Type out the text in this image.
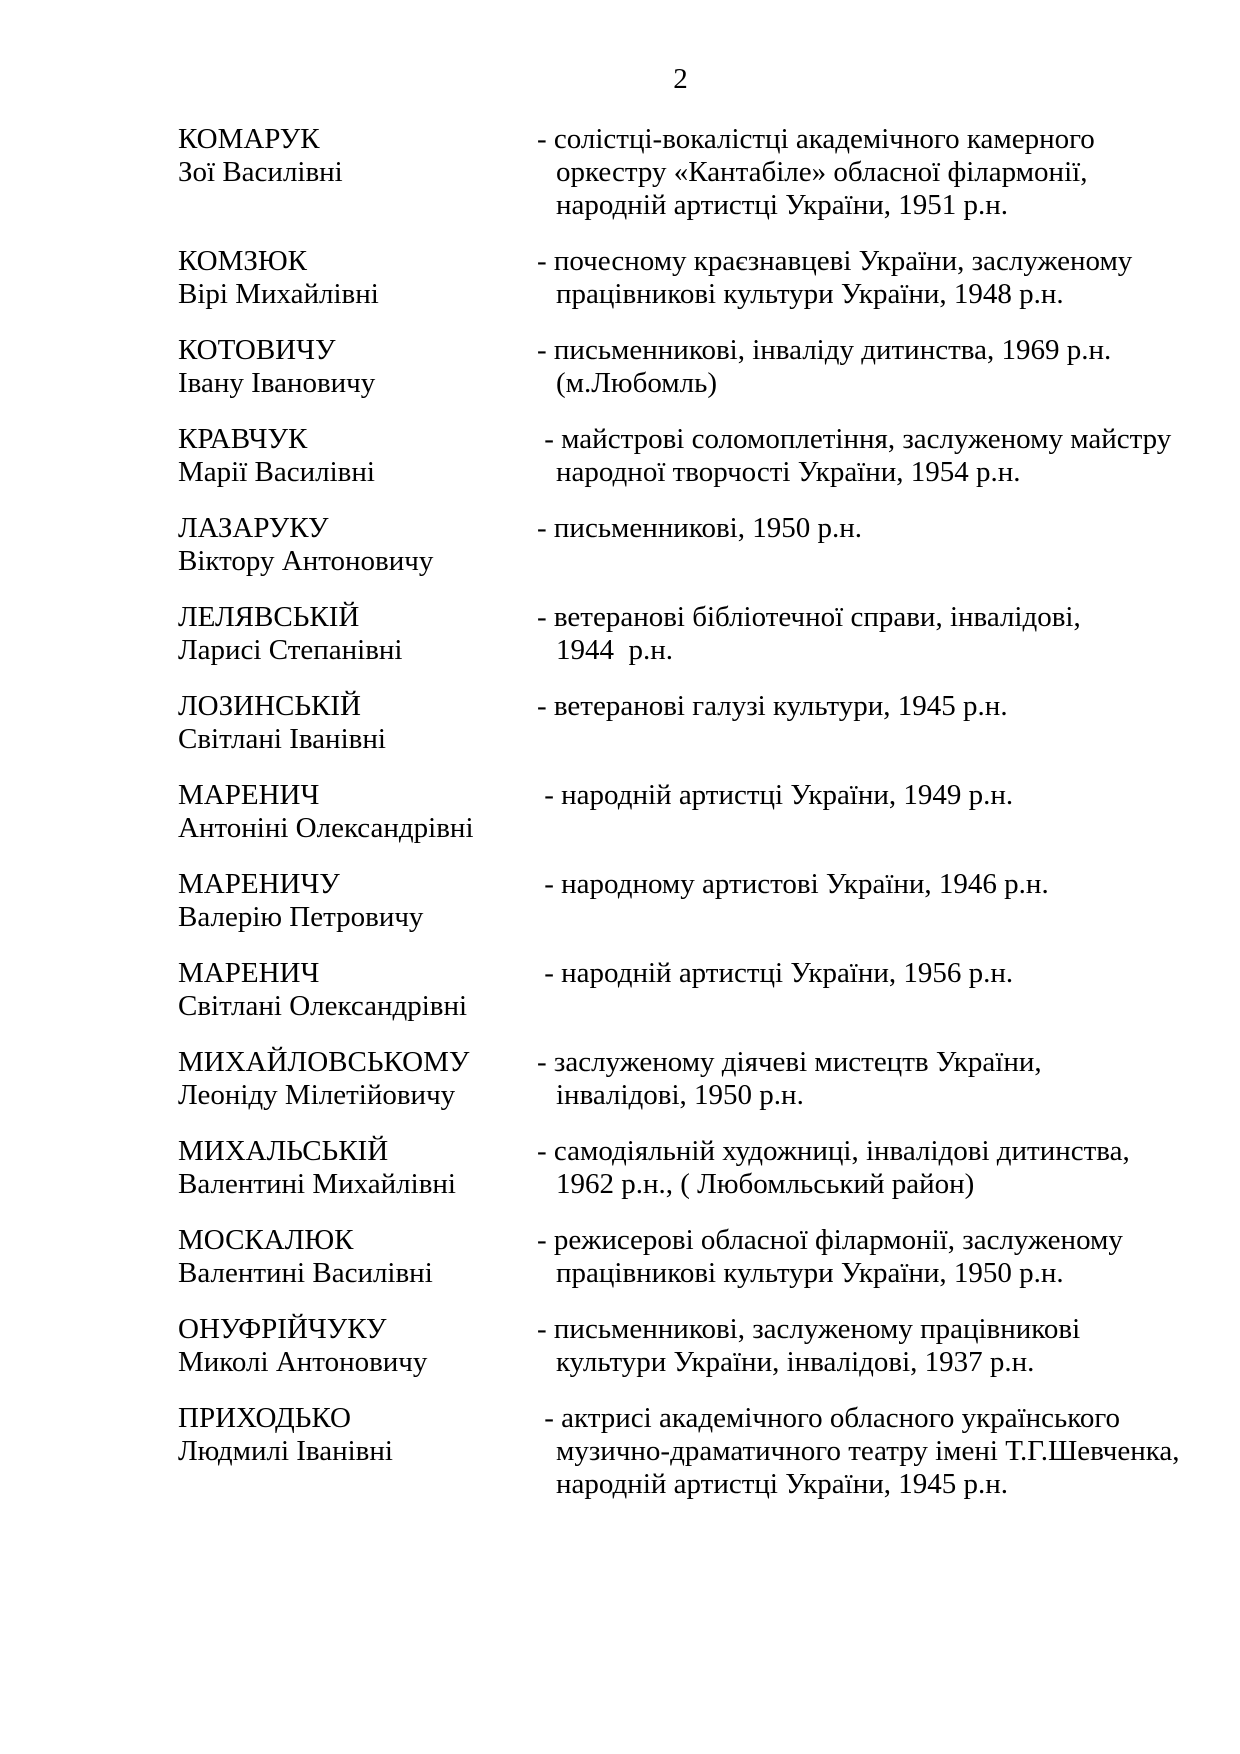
2
КОМАРУК
Зої Василівні
- солістці-вокалістці академічного камерного
оркестру «Кантабіле» обласної філармонії,
народній артистці України, 1951 р.н.
КОМЗЮК
Вірі Михайлівні
- почесному краєзнавцеві України, заслуженому
працівникові культури України, 1948 р.н.
КОТОВИЧУ
Івану Івановичу
- письменникові, інваліду дитинства, 1969 р.н.
(м.Любомль)
КРАВЧУК
Марії Василівні
- майстрові соломоплетіння, заслуженому майстру
народної творчості України, 1954 р.н.
ЛАЗАРУКУ
Віктору Антоновичу
- письменникові, 1950 р.н.
ЛЕЛЯВСЬКІЙ
Ларисі Степанівні
- ветеранові бібліотечної справи, інвалідові,
1944  р.н.
ЛОЗИНСЬКІЙ
Світлані Іванівні
- ветеранові галузі культури, 1945 р.н.
МАРЕНИЧ
Антоніні Олександрівні
- народній артистці України, 1949 р.н.
МАРЕНИЧУ
Валерію Петровичу
- народному артистові України, 1946 р.н.
МАРЕНИЧ
Світлані Олександрівні
- народній артистці України, 1956 р.н.
МИХАЙЛОВСЬКОМУ
Леоніду Мілетійовичу
- заслуженому діячеві мистецтв України,
інвалідові, 1950 р.н.
МИХАЛЬСЬКІЙ
Валентині Михайлівні
- самодіяльній художниці, інвалідові дитинства,
1962 р.н., ( Любомльський район)
МОСКАЛЮК
Валентині Василівні
- режисерові обласної філармонії, заслуженому
працівникові культури України, 1950 р.н.
ОНУФРІЙЧУКУ
Миколі Антоновичу
- письменникові, заслуженому працівникові
культури України, інвалідові, 1937 р.н.
ПРИХОДЬКО
Людмилі Іванівні
- актрисі академічного обласного українського
музично-драматичного театру імені Т.Г.Шевченка,
народній артистці України, 1945 р.н.
